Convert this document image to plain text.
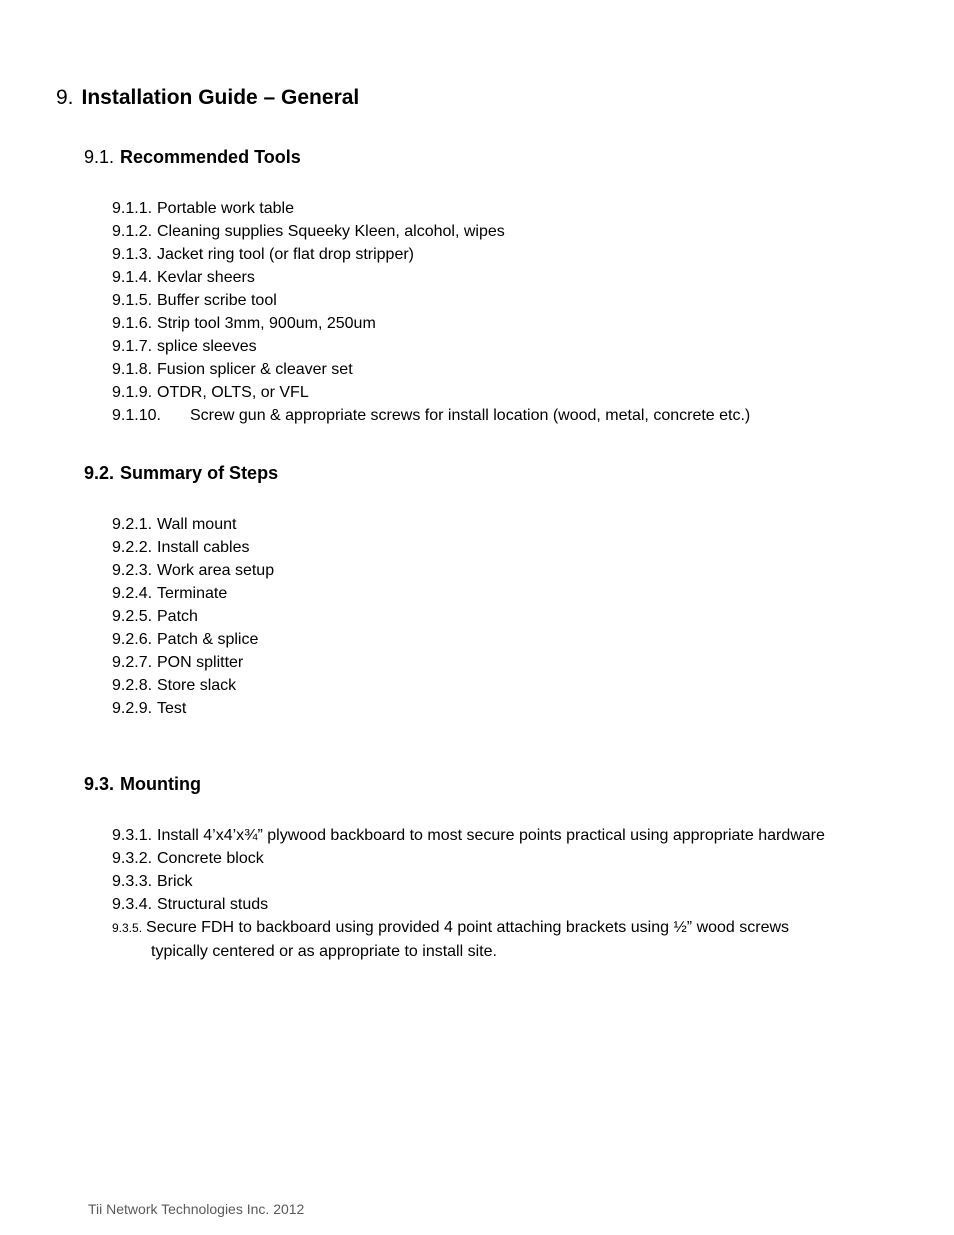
9. Installation Guide – General
9.1. Recommended Tools
9.1.1. Portable work table
9.1.2. Cleaning supplies Squeeky Kleen, alcohol, wipes
9.1.3. Jacket ring tool (or flat drop stripper)
9.1.4. Kevlar sheers
9.1.5. Buffer scribe tool
9.1.6. Strip tool 3mm, 900um, 250um
9.1.7. splice sleeves
9.1.8. Fusion splicer & cleaver set
9.1.9. OTDR, OLTS, or VFL
9.1.10.	Screw gun & appropriate screws for install location (wood, metal, concrete etc.)
9.2. Summary of Steps
9.2.1. Wall mount
9.2.2. Install cables
9.2.3. Work area setup
9.2.4. Terminate
9.2.5. Patch
9.2.6. Patch & splice
9.2.7. PON splitter
9.2.8. Store slack
9.2.9. Test
9.3. Mounting
9.3.1. Install 4’x4’x¾” plywood backboard to most secure points practical using appropriate hardware
9.3.2. Concrete block
9.3.3. Brick
9.3.4. Structural studs
9.3.5. Secure FDH to backboard using provided 4 point attaching brackets using ½” wood screws
typically centered or as appropriate to install site.
Tii Network Technologies Inc. 2012
